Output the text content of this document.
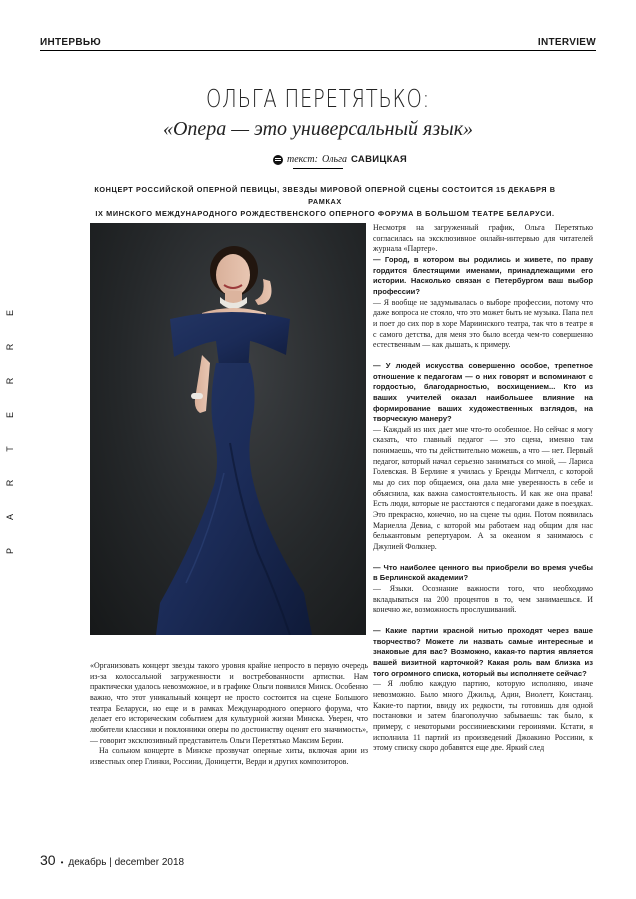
ИНТЕРВЬЮ	INTERVIEW
E
R
R
E
T
R
A
P
ОЛЬГА ПЕРЕТЯТЬКО:
«Опера — это универсальный язык»
текст: Ольга САВИЦКАЯ
КОНЦЕРТ РОССИЙСКОЙ ОПЕРНОЙ ПЕВИЦЫ, ЗВЕЗДЫ МИРОВОЙ ОПЕРНОЙ СЦЕНЫ СОСТОИТСЯ 15 ДЕКАБРЯ В РАМКАХ
IX МИНСКОГО МЕЖДУНАРОДНОГО РОЖДЕСТВЕНСКОГО ОПЕРНОГО ФОРУМА В БОЛЬШОМ ТЕАТРЕ БЕЛАРУСИ.

«Организовать концерт звезды такого уровня крайне непросто в первую очередь из-за колоссальной загруженности и востребованности артистки. Нам практически удалось невозможное, и в графике Ольги появился Минск. Особенно важно, что этот уникальный концерт не просто состоится на сцене Большого театра Беларуси, но еще и в рамках Международного оперного форума, что делает его историческим событием для культурной жизни Минска. Уверен, что любители классики и поклонники оперы по достоинству оценят его значимость», — говорит эксклюзивный представитель Ольги Перетятько Максим Берин.

На сольном концерте в Минске прозвучат оперные хиты, включая арии из известных опер Глинки, Россини, Доницетти, Верди и других композиторов.

Несмотря на загруженный график, Ольга Перетятько согласилась на эксклюзивное онлайн-интервью для читателей журнала «Партер».

— Город, в котором вы родились и живете, по праву гордится блестящими именами, принадлежащими его истории. Насколько связан с Петербургом ваш выбор профессии?

— Я вообще не задумывалась о выборе профессии, потому что даже вопроса не стояло, что это может быть не музыка. Папа пел и поет до сих пор в хоре Мариинского театра, так что в театре я с самого детства, для меня это было всегда чем-то совершенно естественным — как дышать, к примеру.

— У людей искусства совершенно особое, трепетное отношение к педагогам — о них говорят и вспоминают с гордостью, благодарностью, восхищением... Кто из ваших учителей оказал наибольшее влияние на формирование ваших художественных взглядов, на творческую манеру?

— Каждый из них дает мне что-то особенное. Но сейчас я могу сказать, что главный педагог — это сцена, именно там понимаешь, что ты действительно можешь, а что — нет. Первый педагог, который начал серьезно заниматься со мной, — Лариса Голевская. В Берлине я училась у Бренды Митчелл, с которой мы до сих пор общаемся, она дала мне уверенность в себе и объяснила, как важна самостоятельность. И как же она права! Есть люди, которые не расстаются с педагогами даже в поездках. Это прекрасно, конечно, но на сцене ты один. Потом появилась Мариелла Девиа, с которой мы работаем над общим для нас белькантовым репертуаром. А за океаном я занимаюсь с Джулией Фолкнер.

— Что наиболее ценного вы приобрели во время учебы в Берлинской академии?

— Языки. Осознание важности того, что необходимо вкладываться на 200 процентов в то, чем занимаешься. И конечно же, возможность прослушиваний.

— Какие партии красной нитью проходят через ваше творчество? Можете ли назвать самые интересные и знаковые для вас? Возможно, какая-то партия является вашей визитной карточкой? Какая роль вам близка из того огромного списка, который вы исполняете сейчас?

— Я люблю каждую партию, которую исполняю, иначе невозможно. Было много Джильд, Адин, Виолетт, Констанц. Какие-то партии, ввиду их редкости, ты готовишь для одной постановки и затем благополучно забываешь: так было, к примеру, с некоторыми россиниевскими героинями. Кстати, я исполнила 11 партий из произведений Джоакино Россини, к этому списку скоро добавятся еще две. Яркий след

30 • декабрь | december 2018
